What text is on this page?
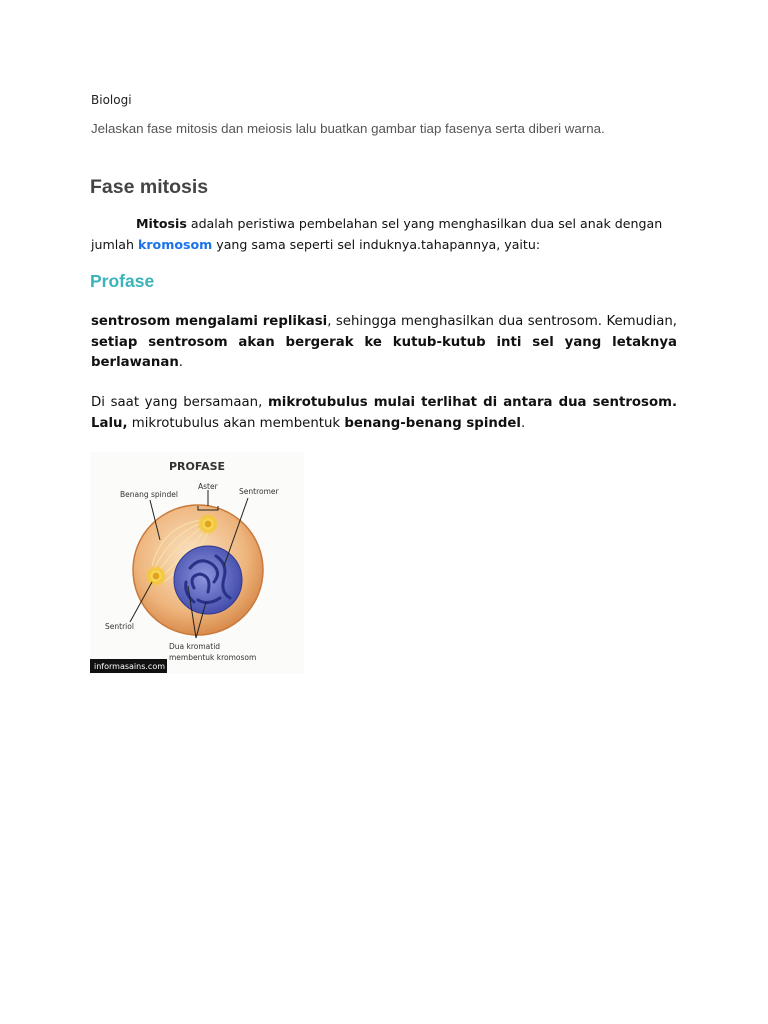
Biologi
Jelaskan fase mitosis dan meiosis lalu buatkan gambar tiap fasenya serta diberi warna.
Fase mitosis
Mitosis adalah peristiwa pembelahan sel yang menghasilkan dua sel anak dengan jumlah kromosom yang sama seperti sel induknya.tahapannya, yaitu:
Profase
sentrosom mengalami replikasi, sehingga menghasilkan dua sentrosom. Kemudian, setiap sentrosom akan bergerak ke kutub-kutub inti sel yang letaknya berlawanan.
Di saat yang bersamaan, mikrotubulus mulai terlihat di antara dua sentrosom. Lalu, mikrotubulus akan membentuk benang-benang spindel.
PROFASE
Benang spindel
Aster
Sentromer
Sentriol
Dua kromatid
membentuk kromosom
informasains.com
